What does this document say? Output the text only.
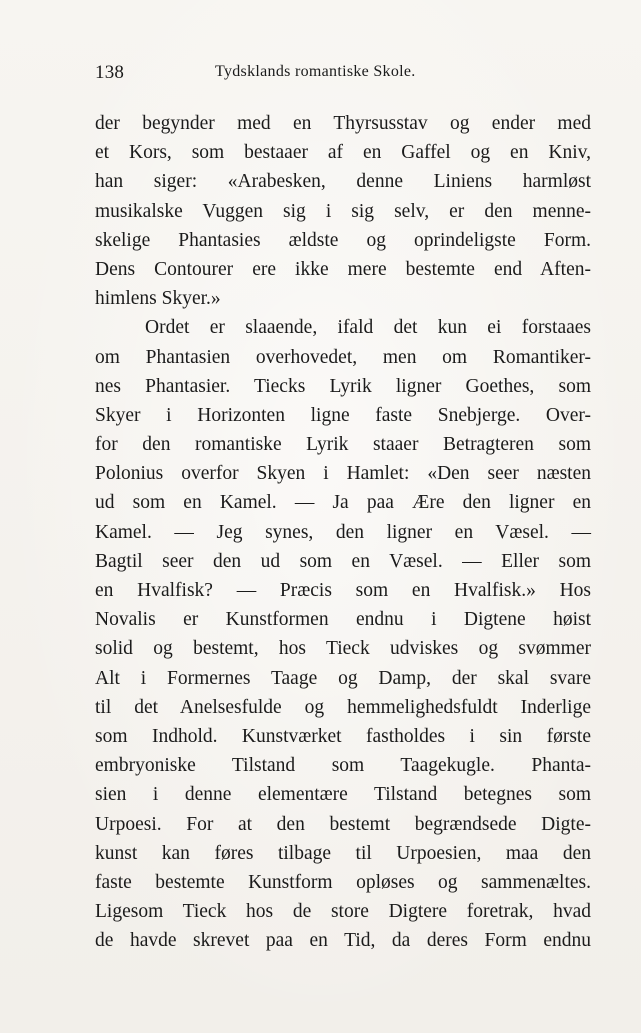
138	Tydsklands romantiske Skole.
der begynder med en Thyrsusstav og ender med
et Kors, som bestaaer af en Gaffel og en Kniv,
han siger: «Arabesken, denne Liniens harmløst
musikalske Vuggen sig i sig selv, er den menne-
skelige Phantasies ældste og oprindeligste Form.
Dens Contourer ere ikke mere bestemte end Aften-
himlens Skyer.»
Ordet er slaaende, ifald det kun ei forstaaes
om Phantasien overhovedet, men om Romantiker-
nes Phantasier. Tiecks Lyrik ligner Goethes, som
Skyer i Horizonten ligne faste Snebjerge. Over-
for den romantiske Lyrik staaer Betragteren som
Polonius overfor Skyen i Hamlet: «Den seer næsten
ud som en Kamel. — Ja paa Ære den ligner en
Kamel. — Jeg synes, den ligner en Væsel. —
Bagtil seer den ud som en Væsel. — Eller som
en Hvalfisk? — Præcis som en Hvalfisk.» Hos
Novalis er Kunstformen endnu i Digtene høist
solid og bestemt, hos Tieck udviskes og svømmer
Alt i Formernes Taage og Damp, der skal svare
til det Anelsesfulde og hemmelighedsfuldt Inderlige
som Indhold. Kunstværket fastholdes i sin første
embryoniske Tilstand som Taagekugle. Phanta-
sien i denne elementære Tilstand betegnes som
Urpoesi. For at den bestemt begrændsede Digte-
kunst kan føres tilbage til Urpoesien, maa den
faste bestemte Kunstform opløses og sammenæltes.
Ligesom Tieck hos de store Digtere foretrak, hvad
de havde skrevet paa en Tid, da deres Form endnu
